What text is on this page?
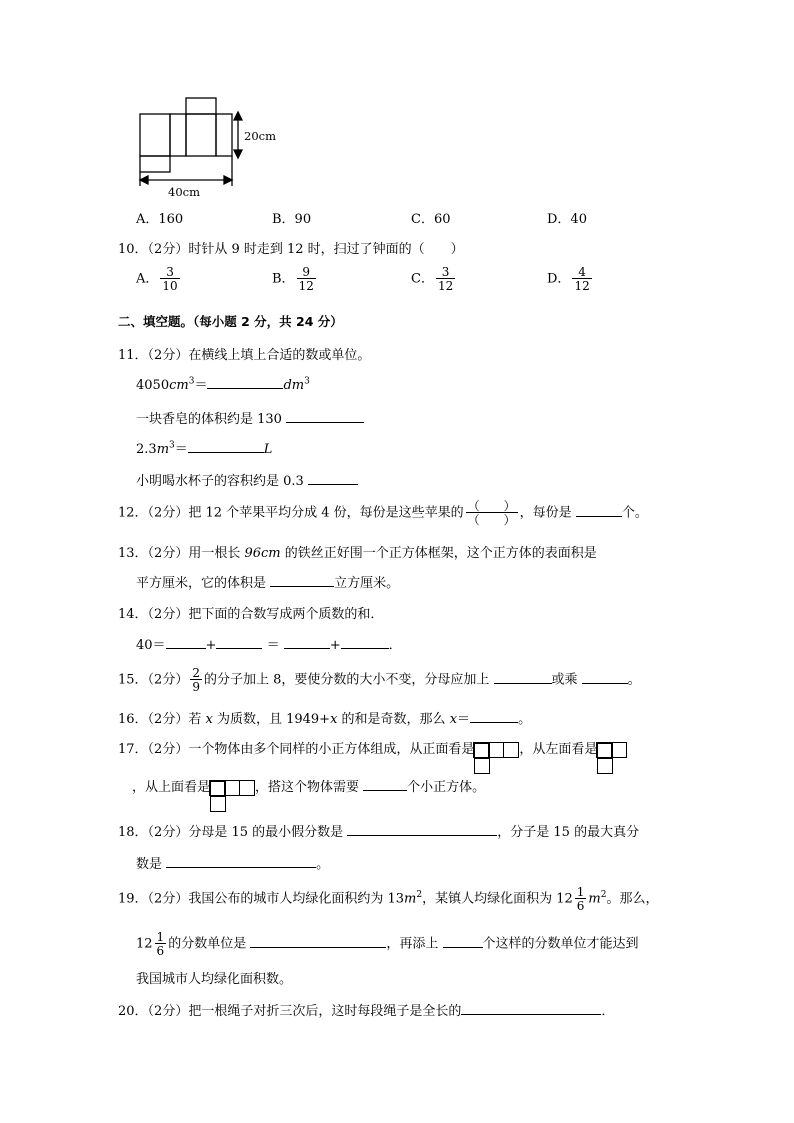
20cm
40cm
A．160	B．90	C．60	D．40
10．（2分）时针从 9 时走到 12 时，扫过了钟面的（　　）
A． $\frac{3}{10}$	B． $\frac{9}{12}$	C． $\frac{3}{12}$	D． $\frac{4}{12}$
二、填空题。（每小题 2 分，共 24 分）
11．（2分）在横线上填上合适的数或单位。
$4050cm^3=$	$dm^3$
一块香皂的体积约是 130
$2.3m^3=$	L
小明喝水杯子的容积约是 0.3
12．（2分）把 12 个苹果平均分成 4 份，每份是这些苹果的 $\frac{( )}{( )}$ ，每份是	个。
13．（2分）用一根长 96cm 的铁丝正好围一个正方体框架，这个正方体的表面积是
平方厘米，它的体积是	立方厘米。
14．（2分）把下面的合数写成两个质数的和．
40＝	+	＝	+	．
15．（2分） $\frac{2}{9}$ 的分子加上 8，要使分数的大小不变，分母应加上	或乘	。
16．（2分）若 x 为质数，且 1949+x 的和是奇数，那么 x＝	。
17．（2分）一个物体由多个同样的小正方体组成，从正面看是	，从左面看是
，从上面看是	，搭这个物体需要	个小正方体。
18．（2分）分母是 15 的最小假分数是	，分子是 15 的最大真分
数是	。
19．（2分）我国公布的城市人均绿化面积约为 $13m^2$，某镇人均绿化面积为 $12 \frac{1}{6} m^2$。那么，
$12 \frac{1}{6}$ 的分数单位是	，再添上	个这样的分数单位才能达到
我国城市人均绿化面积数。
20．（2分）把一根绳子对折三次后，这时每段绳子是全长的	．
